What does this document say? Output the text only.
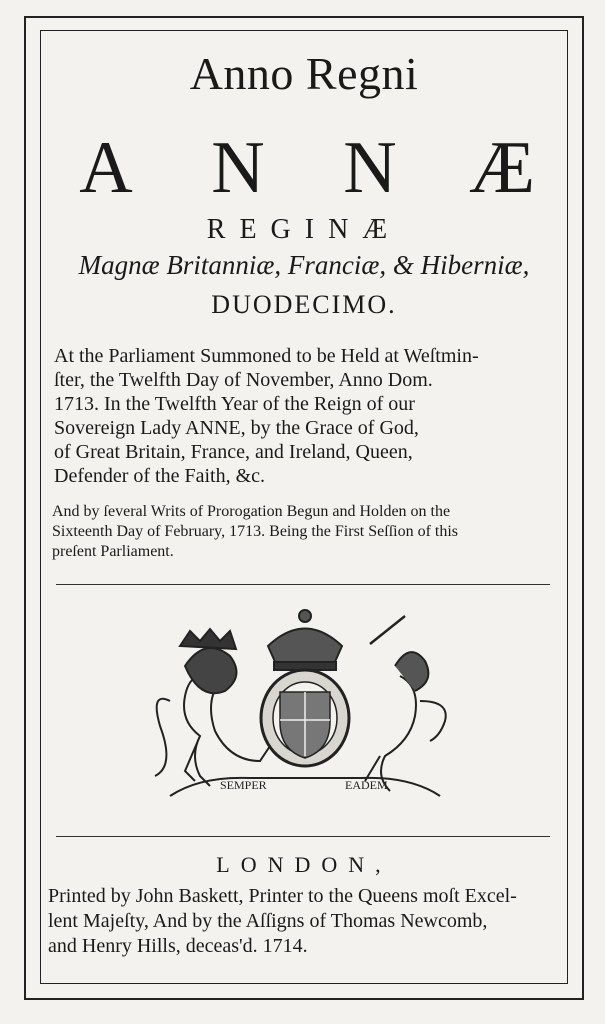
Anno Regni
A N N Æ
REGINÆ
Magnæ Britanniæ, Franciæ, & Hiberniæ,
DUODECIMO.
At the Parliament Summoned to be Held at Weſtmin-
ſter, the Twelfth Day of November, Anno Dom.
1713. In the Twelfth Year of the Reign of our
Sovereign Lady ANNE, by the Grace of God,
of Great Britain, France, and Ireland, Queen,
Defender of the Faith, &c.
And by ſeveral Writs of Prorogation Begun and Holden on the
Sixteenth Day of February, 1713. Being the First Seſſion of this
preſent Parliament.
SEMPER	EADEM
LONDON,
Printed by John Baskett, Printer to the Queens moſt Excel-
lent Majeſty, And by the Aſſigns of Thomas Newcomb,
and Henry Hills, deceas'd. 1714.
